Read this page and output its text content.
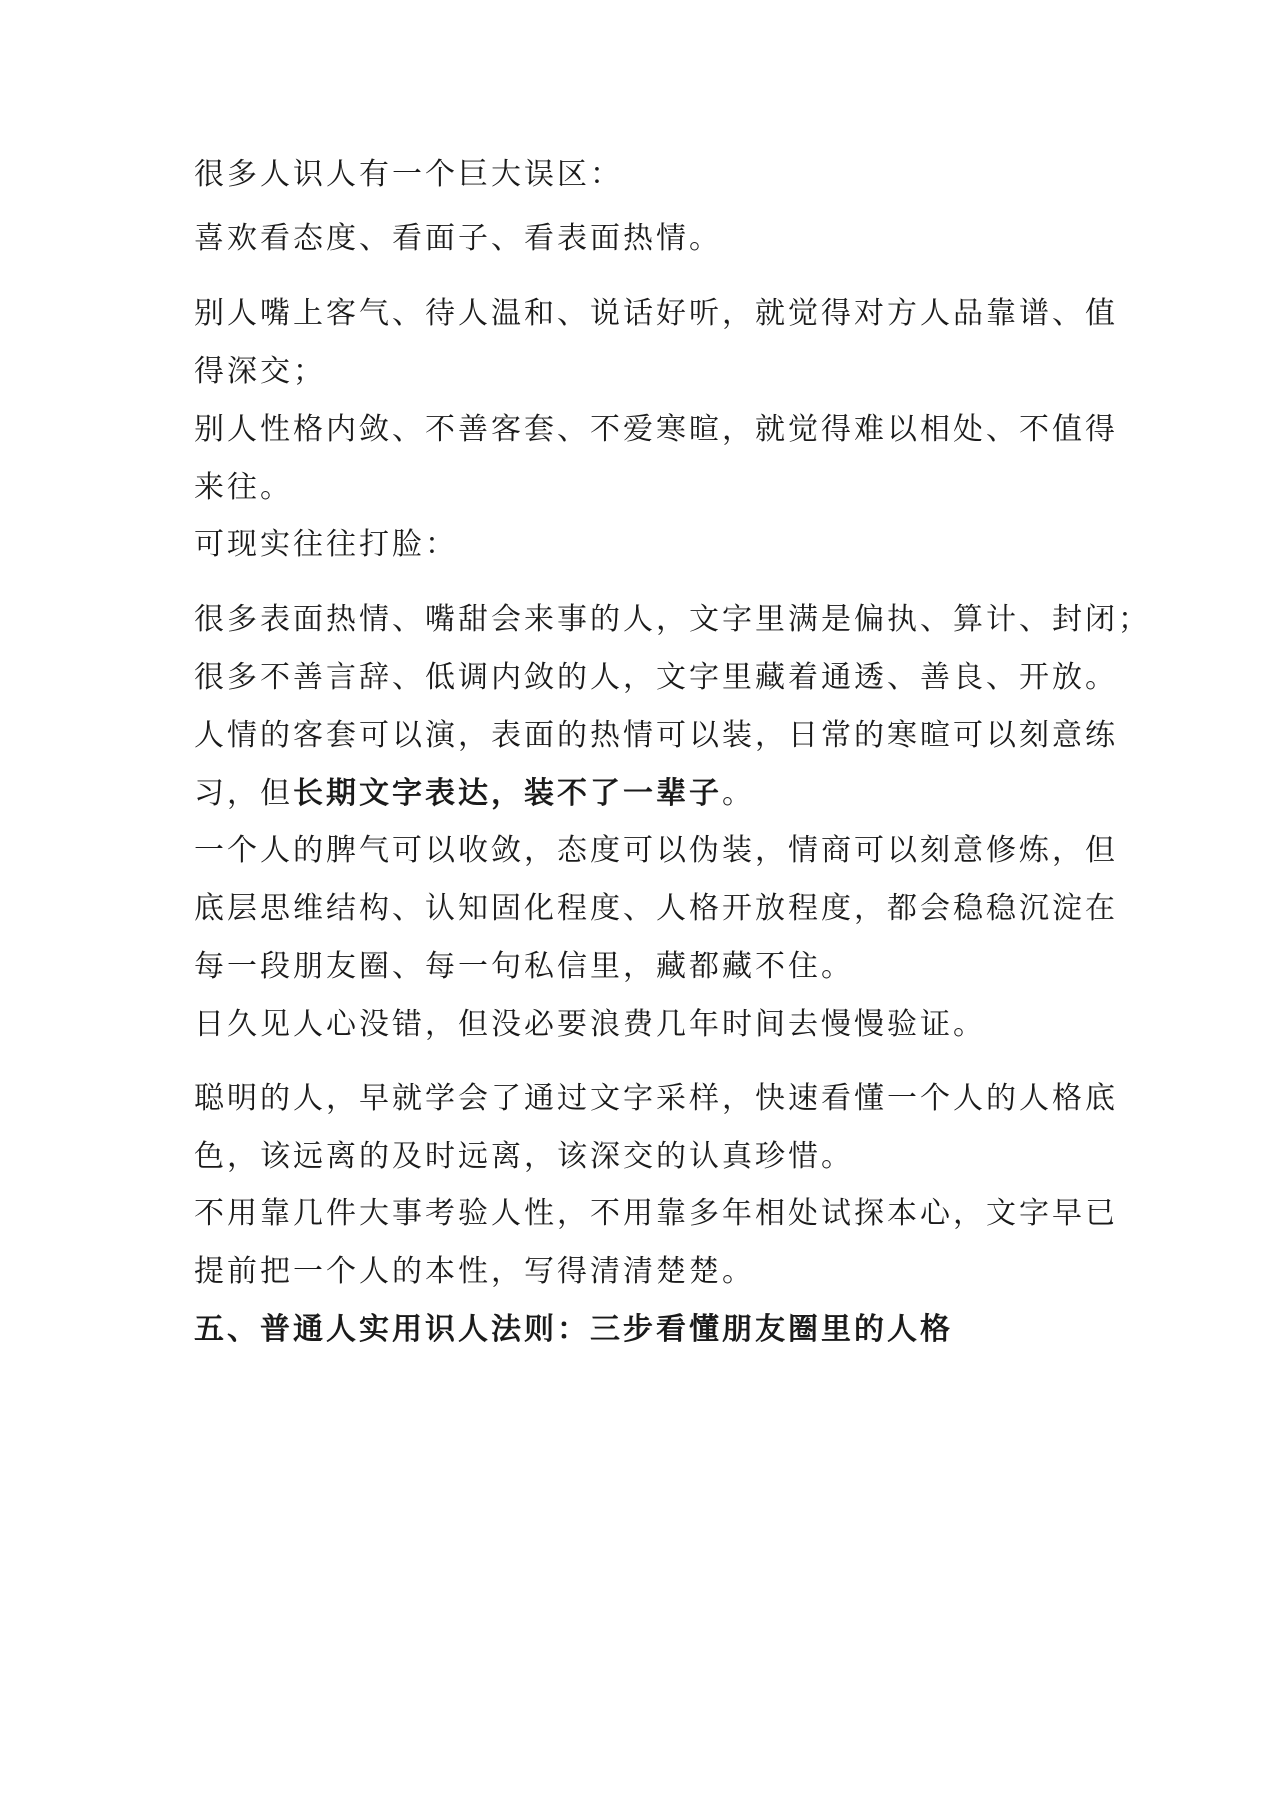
很多人识人有一个巨大误区：

喜欢看态度、看面子、看表面热情。

别人嘴上客气、待人温和、说话好听，就觉得对方人品靠谱、值
得深交；
别人性格内敛、不善客套、不爱寒暄，就觉得难以相处、不值得
来往。

可现实往往打脸：

很多表面热情、嘴甜会来事的人，文字里满是偏执、算计、封闭；
很多不善言辞、低调内敛的人，文字里藏着通透、善良、开放。

人情的客套可以演，表面的热情可以装，日常的寒暄可以刻意练
习，但长期文字表达，装不了一辈子。

一个人的脾气可以收敛，态度可以伪装，情商可以刻意修炼，但
底层思维结构、认知固化程度、人格开放程度，都会稳稳沉淀在
每一段朋友圈、每一句私信里，藏都藏不住。

日久见人心没错，但没必要浪费几年时间去慢慢验证。

聪明的人，早就学会了通过文字采样，快速看懂一个人的人格底
色，该远离的及时远离，该深交的认真珍惜。

不用靠几件大事考验人性，不用靠多年相处试探本心，文字早已
提前把一个人的本性，写得清清楚楚。

五、普通人实用识人法则：三步看懂朋友圈里的人格
